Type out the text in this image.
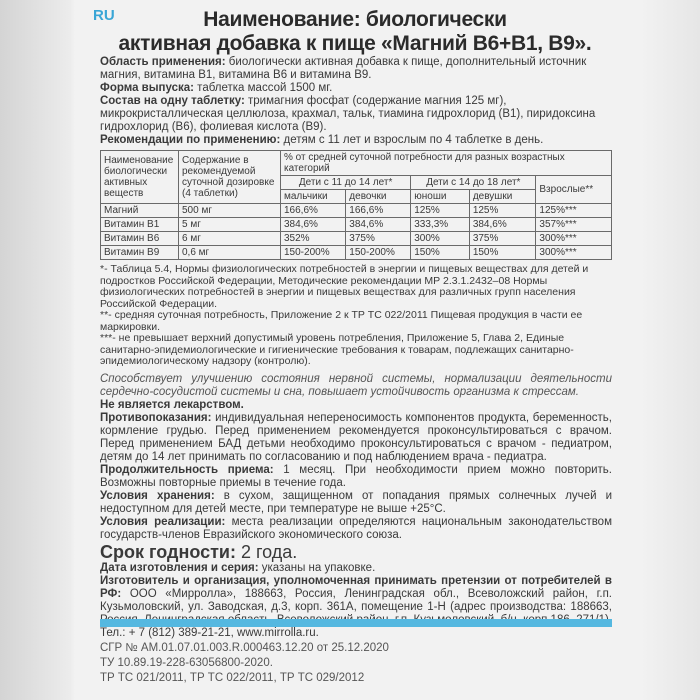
RU	Наименование: биологически
активная добавка к пище «Магний B6+B1, B9».

Область применения: биологически активная добавка к пище, дополнительный источник магния, витамина B1, витамина B6 и витамина B9.

Форма выпуска: таблетка массой 1500 мг.

Состав на одну таблетку: тримагния фосфат (содержание магния 125 мг), микрокристаллическая целлюлоза, крахмал, тальк, тиамина гидрохлорид (B1), пиридоксина гидрохлорид (B6), фолиевая кислота (B9).

Рекомендации по применению: детям с 11 лет и взрослым по 4 таблетке в день.

Наименование биологически активных веществ	Содержание в рекомендуемой суточной дозировке (4 таблетки)	% от средней суточной потребности для разных возрастных категорий				
		Дети с 11 до 14 лет*		Дети с 14 до 18 лет*		Взрослые**
		мальчики	девочки	юноши	девушки	
Магний	500 мг	166,6%	166,6%	125%	125%	125%***
Витамин B1	5 мг	384,6%	384,6%	333,3%	384,6%	357%***
Витамин B6	6 мг	352%	375%	300%	375%	300%***
Витамин B9	0,6 мг	150-200%	150-200%	150%	150%	300%***

*- Таблица 5.4, Нормы физиологических потребностей в энергии и пищевых веществах для детей и подростков Российской Федерации, Методические рекомендации МР 2.3.1.2432–08 Нормы физиологических потребностей в энергии и пищевых веществах для различных групп населения Российской Федерации.

**- средняя суточная потребность, Приложение 2 к ТР ТС 022/2011 Пищевая продукция в части ее маркировки.

***- не превышает верхний допустимый уровень потребления, Приложение 5, Глава 2, Единые санитарно-эпидемиологические и гигиенические требования к товарам, подлежащих санитарно-эпидемиологическому надзору (контролю).

Способствует улучшению состояния нервной системы, нормализации деятельности сердечно-сосудистой системы и сна, повышает устойчивость организма к стрессам.

Не является лекарством.

Противопоказания: индивидуальная непереносимость компонентов продукта, беременность, кормление грудью. Перед применением рекомендуется проконсультироваться с врачом. Перед применением БАД детьми необходимо проконсультироваться с врачом - педиатром, детям до 14 лет принимать по согласованию и под наблюдением врача - педиатра.

Продолжительность приема: 1 месяц. При необходимости прием можно повторить. Возможны повторные приемы в течение года.

Условия хранения: в сухом, защищенном от попадания прямых солнечных лучей и недоступном для детей месте, при температуре не выше +25°С.

Условия реализации: места реализации определяются национальным законодательством государств-членов Евразийского экономического союза.

Срок годности: 2 года.

Дата изготовления и серия: указаны на упаковке.

Изготовитель и организация, уполномоченная принимать претензии от потребителей в РФ: ООО «Мирролла», 188663, Россия, Ленинградская обл., Всеволожский район, г.п. Кузьмоловский, ул. Заводская, д.3, корп. 361А, помещение 1-Н (адрес производства: 188663, Тел.: + 7 (812) 389-21-21, www.mirrolla.ru.

СГР № АМ.01.07.01.003.R.000463.12.20 от 25.12.2020

ТУ 10.89.19-228-63056800-2020.

ТР ТС 021/2011, ТР ТС 022/2011, ТР ТС 029/2012
